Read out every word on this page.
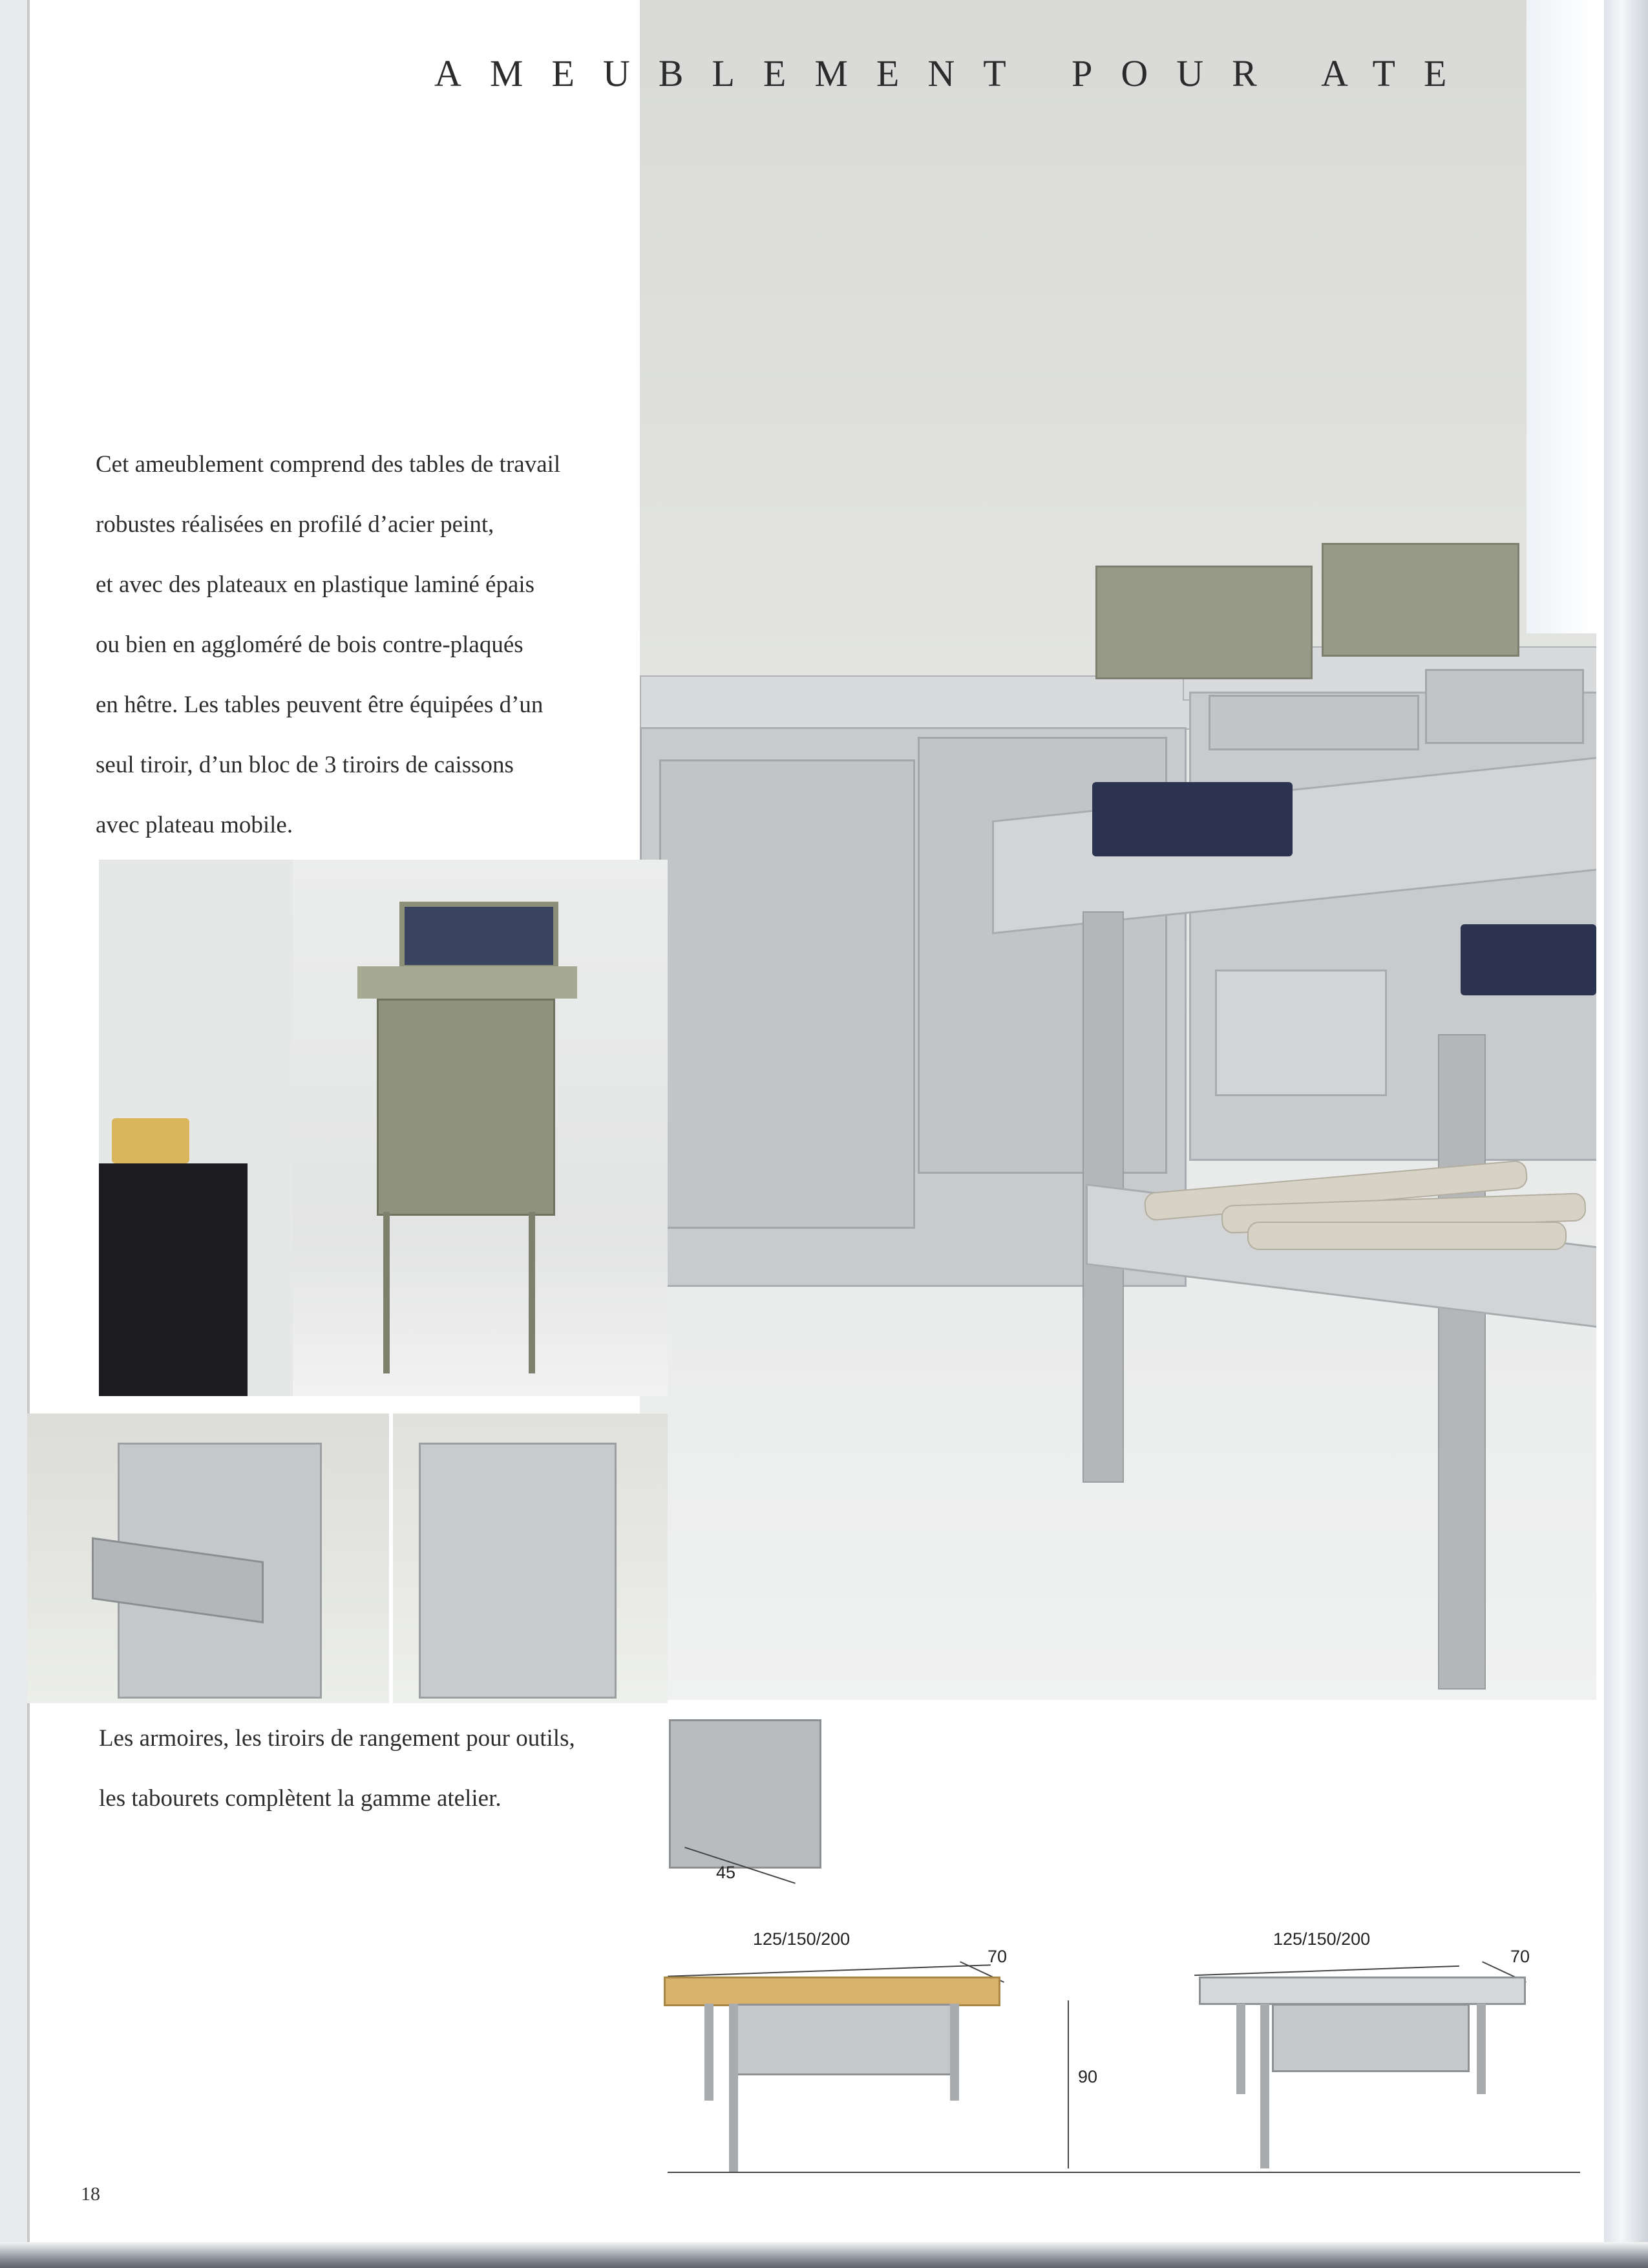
AMEUBLEMENT POUR ATE

Cet ameublement comprend des tables de travail

robustes réalisées en profilé d’acier peint,

et avec des plateaux en plastique laminé épais

ou bien en aggloméré de bois contre-plaqués

en hêtre. Les tables peuvent être équipées d’un

seul tiroir, d’un bloc de 3 tiroirs de caissons

avec plateau mobile.

Les armoires, les tiroirs de rangement pour outils,

les tabourets complètent la gamme atelier.

45
125/150/200
70
90
125/150/200
70
18
